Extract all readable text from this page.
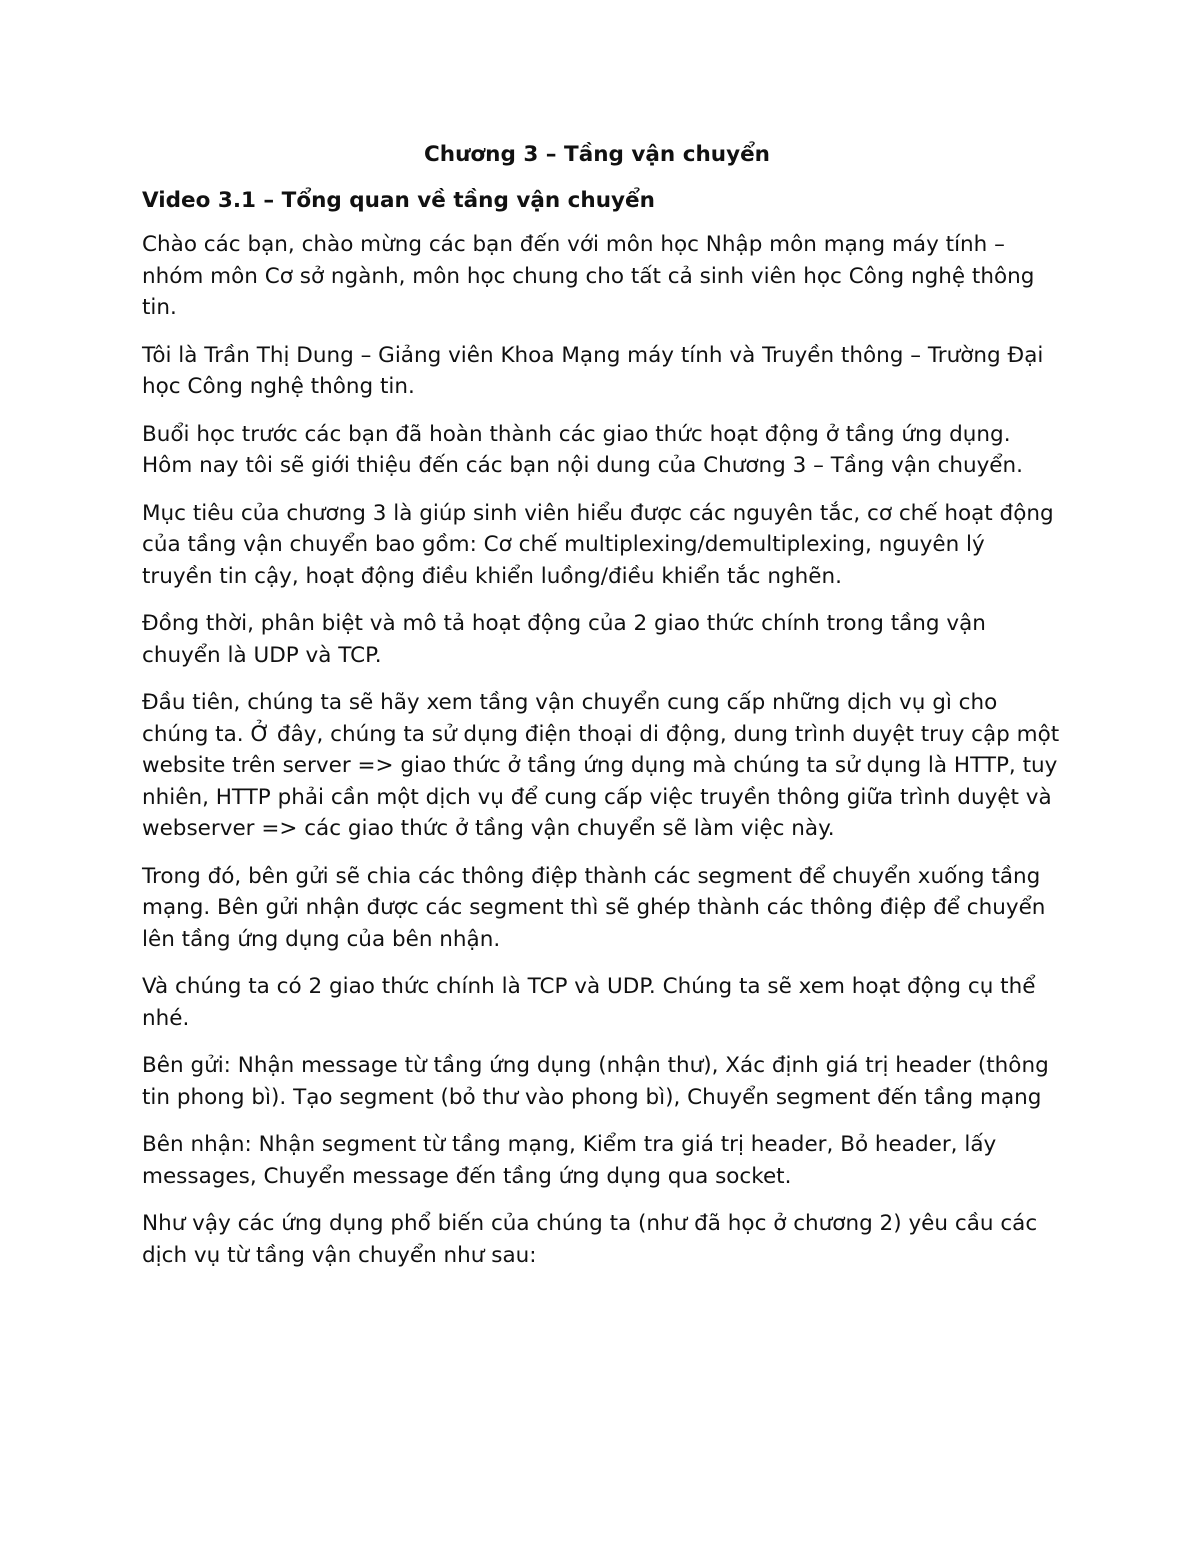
Chương 3 – Tầng vận chuyển
Video 3.1 – Tổng quan về tầng vận chuyển

Chào các bạn, chào mừng các bạn đến với môn học Nhập môn mạng máy tính – nhóm môn Cơ sở ngành, môn học chung cho tất cả sinh viên học Công nghệ thông tin.

Tôi là Trần Thị Dung – Giảng viên Khoa Mạng máy tính và Truyền thông – Trường Đại học Công nghệ thông tin.

Buổi học trước các bạn đã hoàn thành các giao thức hoạt động ở tầng ứng dụng. Hôm nay tôi sẽ giới thiệu đến các bạn nội dung của Chương 3 – Tầng vận chuyển.

Mục tiêu của chương 3 là giúp sinh viên hiểu được các nguyên tắc, cơ chế hoạt động của tầng vận chuyển bao gồm: Cơ chế multiplexing/demultiplexing, nguyên lý truyền tin cậy, hoạt động điều khiển luồng/điều khiển tắc nghẽn.

Đồng thời, phân biệt và mô tả hoạt động của 2 giao thức chính trong tầng vận chuyển là UDP và TCP.

Đầu tiên, chúng ta sẽ hãy xem tầng vận chuyển cung cấp những dịch vụ gì cho chúng ta. Ở đây, chúng ta sử dụng điện thoại di động, dung trình duyệt truy cập một website trên server => giao thức ở tầng ứng dụng mà chúng ta sử dụng là HTTP, tuy nhiên, HTTP phải cần một dịch vụ để cung cấp việc truyền thông giữa trình duyệt và webserver => các giao thức ở tầng vận chuyển sẽ làm việc này.

Trong đó, bên gửi sẽ chia các thông điệp thành các segment để chuyển xuống tầng mạng. Bên gửi nhận được các segment thì sẽ ghép thành các thông điệp để chuyển lên tầng ứng dụng của bên nhận.

Và chúng ta có 2 giao thức chính là TCP và UDP. Chúng ta sẽ xem hoạt động cụ thể nhé.

Bên gửi: Nhận message từ tầng ứng dụng (nhận thư), Xác định giá trị header (thông tin phong bì). Tạo segment (bỏ thư vào phong bì), Chuyển segment đến tầng mạng

Bên nhận: Nhận segment từ tầng mạng, Kiểm tra giá trị header, Bỏ header, lấy messages, Chuyển message đến tầng ứng dụng qua socket.

Như vậy các ứng dụng phổ biến của chúng ta (như đã học ở chương 2) yêu cầu các dịch vụ từ tầng vận chuyển như sau:
